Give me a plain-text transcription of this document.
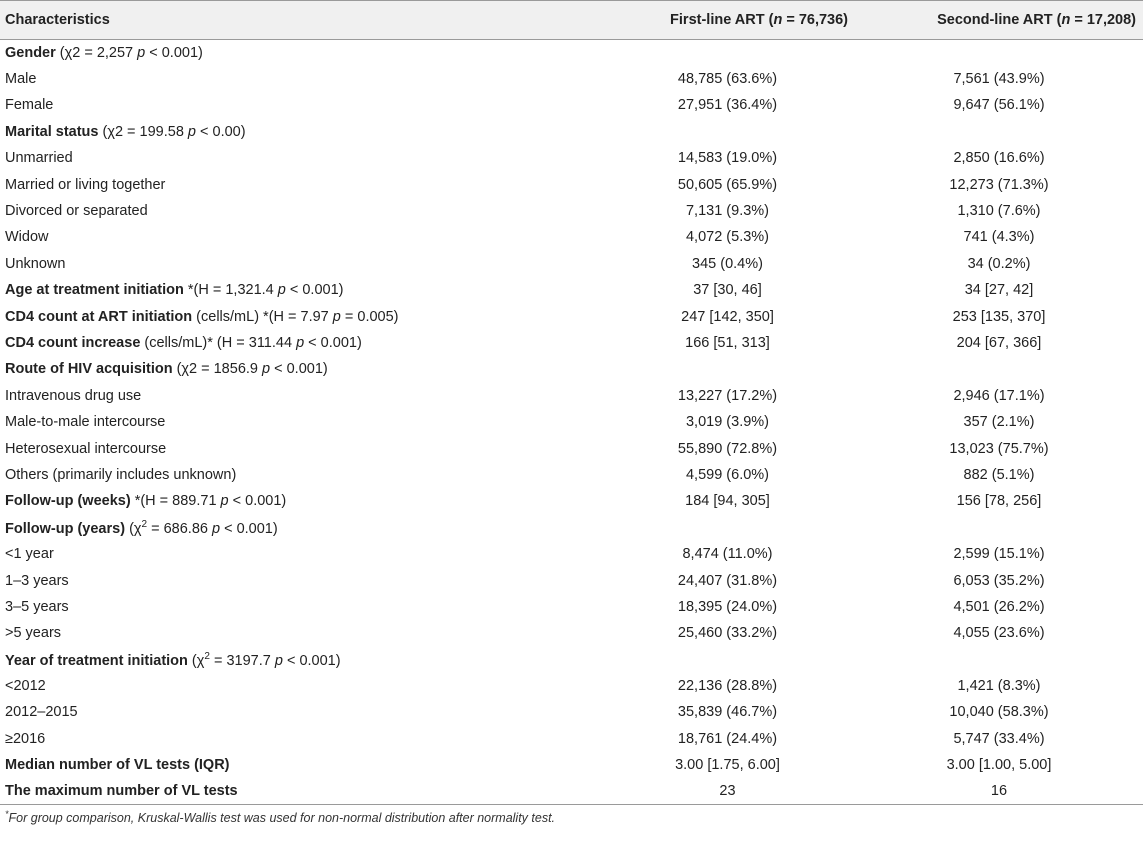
Characteristics	First-line ART (n = 76,736)	Second-line ART (n = 17,208)
Gender (χ2 = 2,257 p < 0.001)		
Male	48,785 (63.6%)	7,561 (43.9%)
Female	27,951 (36.4%)	9,647 (56.1%)
Marital status (χ2 = 199.58 p < 0.00)		
Unmarried	14,583 (19.0%)	2,850 (16.6%)
Married or living together	50,605 (65.9%)	12,273 (71.3%)
Divorced or separated	7,131 (9.3%)	1,310 (7.6%)
Widow	4,072 (5.3%)	741 (4.3%)
Unknown	345 (0.4%)	34 (0.2%)
Age at treatment initiation *(H = 1,321.4 p < 0.001)	37 [30, 46]	34 [27, 42]
CD4 count at ART initiation (cells/mL) *(H = 7.97 p = 0.005)	247 [142, 350]	253 [135, 370]
CD4 count increase (cells/mL)* (H = 311.44 p < 0.001)	166 [51, 313]	204 [67, 366]
Route of HIV acquisition (χ2 = 1856.9 p < 0.001)		
Intravenous drug use	13,227 (17.2%)	2,946 (17.1%)
Male-to-male intercourse	3,019 (3.9%)	357 (2.1%)
Heterosexual intercourse	55,890 (72.8%)	13,023 (75.7%)
Others (primarily includes unknown)	4,599 (6.0%)	882 (5.1%)
Follow-up (weeks) *(H = 889.71 p < 0.001)	184 [94, 305]	156 [78, 256]
Follow-up (years) ($\chi^2 = 686.86$ p < 0.001)		
<1 year	8,474 (11.0%)	2,599 (15.1%)
1–3 years	24,407 (31.8%)	6,053 (35.2%)
3–5 years	18,395 (24.0%)	4,501 (26.2%)
>5 years	25,460 (33.2%)	4,055 (23.6%)
Year of treatment initiation ($\chi^2 = 3197.7$ p < 0.001)		
<2012	22,136 (28.8%)	1,421 (8.3%)
2012–2015	35,839 (46.7%)	10,040 (58.3%)
≥2016	18,761 (24.4%)	5,747 (33.4%)
Median number of VL tests (IQR)	3.00 [1.75, 6.00]	3.00 [1.00, 5.00]
The maximum number of VL tests	23	16
*For group comparison, Kruskal-Wallis test was used for non-normal distribution after normality test.
